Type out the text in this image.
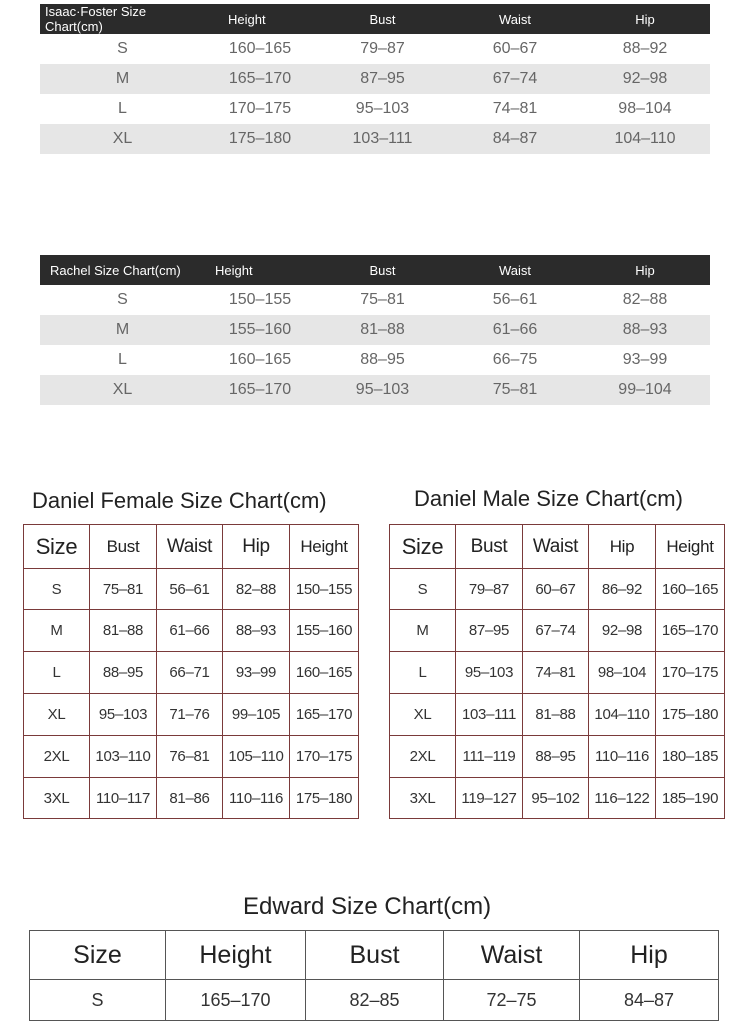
Isaac·Foster Size Chart(cm)	Height	Bust	Waist	Hip
S	160–165	79–87	60–67	88–92
M	165–170	87–95	67–74	92–98
L	170–175	95–103	74–81	98–104
XL	175–180	103–111	84–87	104–110
Rachel Size Chart(cm)	Height	Bust	Waist	Hip
S	150–155	75–81	56–61	82–88
M	155–160	81–88	61–66	88–93
L	160–165	88–95	66–75	93–99
XL	165–170	95–103	75–81	99–104
Daniel Female Size Chart(cm)
Size	Bust	Waist	Hip	Height
S	75–81	56–61	82–88	150–155
M	81–88	61–66	88–93	155–160
L	88–95	66–71	93–99	160–165
XL	95–103	71–76	99–105	165–170
2XL	103–110	76–81	105–110	170–175
3XL	110–117	81–86	110–116	175–180
Daniel Male Size Chart(cm)
Size	Bust	Waist	Hip	Height
S	79–87	60–67	86–92	160–165
M	87–95	67–74	92–98	165–170
L	95–103	74–81	98–104	170–175
XL	103–111	81–88	104–110	175–180
2XL	111–119	88–95	110–116	180–185
3XL	119–127	95–102	116–122	185–190
Edward Size Chart(cm)
Size	Height	Bust	Waist	Hip
S	165–170	82–85	72–75	84–87
